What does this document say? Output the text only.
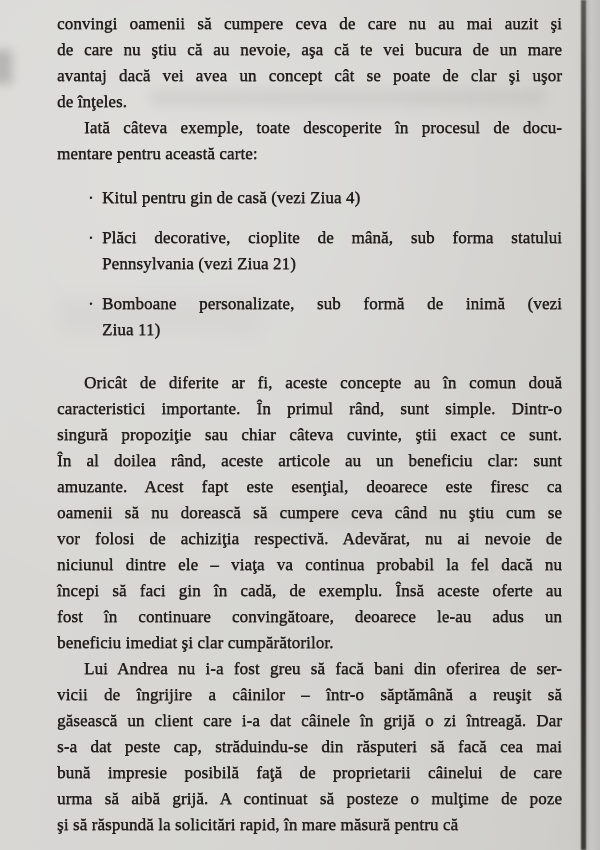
convingi oamenii să cumpere ceva de care nu au mai auzit şi
de care nu ştiu că au nevoie, aşa că te vei bucura de un mare
avantaj dacă vei avea un concept cât se poate de clar şi uşor
de înţeles.
Iată câteva exemple, toate descoperite în procesul de docu-
mentare pentru această carte:
· Kitul pentru gin de casă (vezi Ziua 4)
· Plăci decorative, cioplite de mână, sub forma statului
Pennsylvania (vezi Ziua 21)
· Bomboane personalizate, sub formă de inimă (vezi
Ziua 11)
Oricât de diferite ar fi, aceste concepte au în comun două
caracteristici importante. În primul rând, sunt simple. Dintr-o
singură propoziţie sau chiar câteva cuvinte, ştii exact ce sunt.
În al doilea rând, aceste articole au un beneficiu clar: sunt
amuzante. Acest fapt este esenţial, deoarece este firesc ca
oamenii să nu dorească să cumpere ceva când nu ştiu cum se
vor folosi de achiziţia respectivă. Adevărat, nu ai nevoie de
niciunul dintre ele – viaţa va continua probabil la fel dacă nu
începi să faci gin în cadă, de exemplu. Însă aceste oferte au
fost în continuare convingătoare, deoarece le-au adus un
beneficiu imediat şi clar cumpărătorilor.
Lui Andrea nu i-a fost greu să facă bani din oferirea de ser-
vicii de îngrijire a câinilor – într-o săptămână a reuşit să
găsească un client care i-a dat câinele în grijă o zi întreagă. Dar
s-a dat peste cap, străduindu-se din răsputeri să facă cea mai
bună impresie posibilă faţă de proprietarii câinelui de care
urma să aibă grijă. A continuat să posteze o mulţime de poze
şi să răspundă la solicitări rapid, în mare măsură pentru că
